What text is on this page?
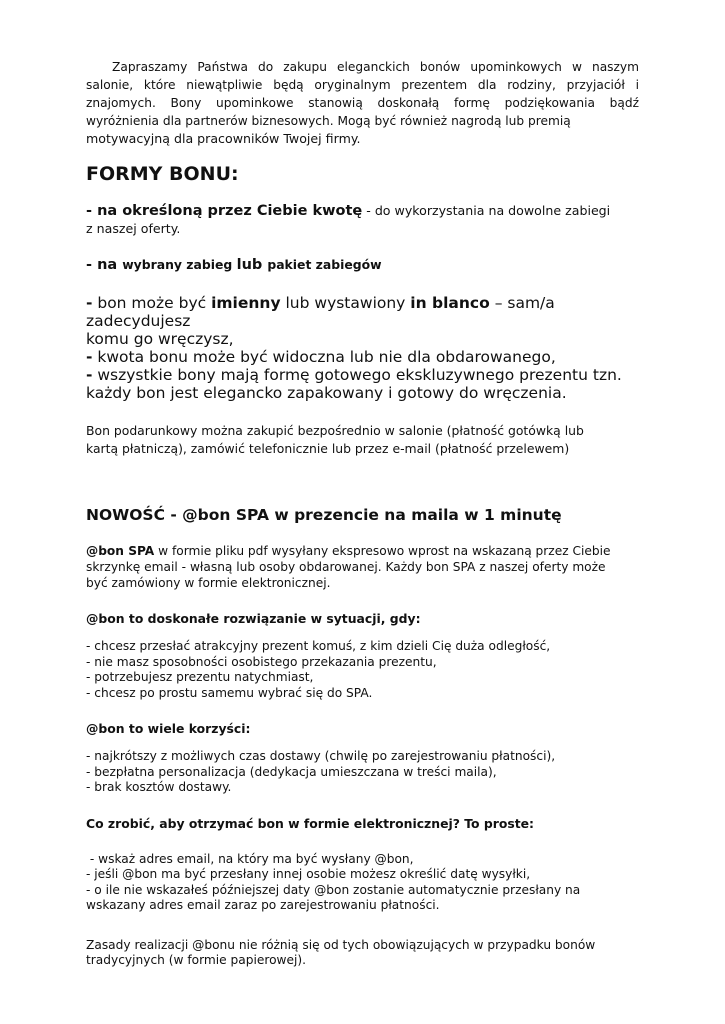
Zapraszamy Państwa do zakupu eleganckich bonów upominkowych w naszym salonie, które niewątpliwie będą oryginalnym prezentem dla rodziny, przyjaciół i znajomych. Bony upominkowe stanowią doskonałą formę podziękowania bądź wyróżnienia dla partnerów biznesowych. Mogą być również nagrodą lub premią
motywacyjną dla pracowników Twojej firmy.

FORMY BONU:

- na określoną przez Ciebie kwotę - do wykorzystania na dowolne zabiegi
z naszej oferty.

- na wybrany zabieg lub pakiet zabiegów

- bon może być imienny lub wystawiony in blanco – sam/a zadecydujesz

komu go wręczysz,

- kwota bonu może być widoczna lub nie dla obdarowanego,

- wszystkie bony mają formę gotowego ekskluzywnego prezentu tzn.

każdy bon jest elegancko zapakowany i gotowy do wręczenia.

Bon podarunkowy można zakupić bezpośrednio w salonie (płatność gotówką lub
kartą płatniczą), zamówić telefonicznie lub przez e-mail (płatność przelewem)

NOWOŚĆ - @bon SPA w prezencie na maila w 1 minutę

@bon SPA w formie pliku pdf wysyłany ekspresowo wprost na wskazaną przez Ciebie
skrzynkę email - własną lub osoby obdarowanej. Każdy bon SPA z naszej oferty może
być zamówiony w formie elektronicznej.

@bon to doskonałe rozwiązanie w sytuacji, gdy:

- chcesz przesłać atrakcyjny prezent komuś, z kim dzieli Cię duża odległość,

- nie masz sposobności osobistego przekazania prezentu,

- potrzebujesz prezentu natychmiast,

- chcesz po prostu samemu wybrać się do SPA.

@bon to wiele korzyści:

- najkrótszy z możliwych czas dostawy (chwilę po zarejestrowaniu płatności),

- bezpłatna personalizacja (dedykacja umieszczana w treści maila),

- brak kosztów dostawy.

Co zrobić, aby otrzymać bon w formie elektronicznej? To proste:

- wskaż adres email, na który ma być wysłany @bon,

- jeśli @bon ma być przesłany innej osobie możesz określić datę wysyłki,

- o ile nie wskazałeś późniejszej daty @bon zostanie automatycznie przesłany na

wskazany adres email zaraz po zarejestrowaniu płatności.

Zasady realizacji @bonu nie różnią się od tych obowiązujących w przypadku bonów

tradycyjnych (w formie papierowej).
